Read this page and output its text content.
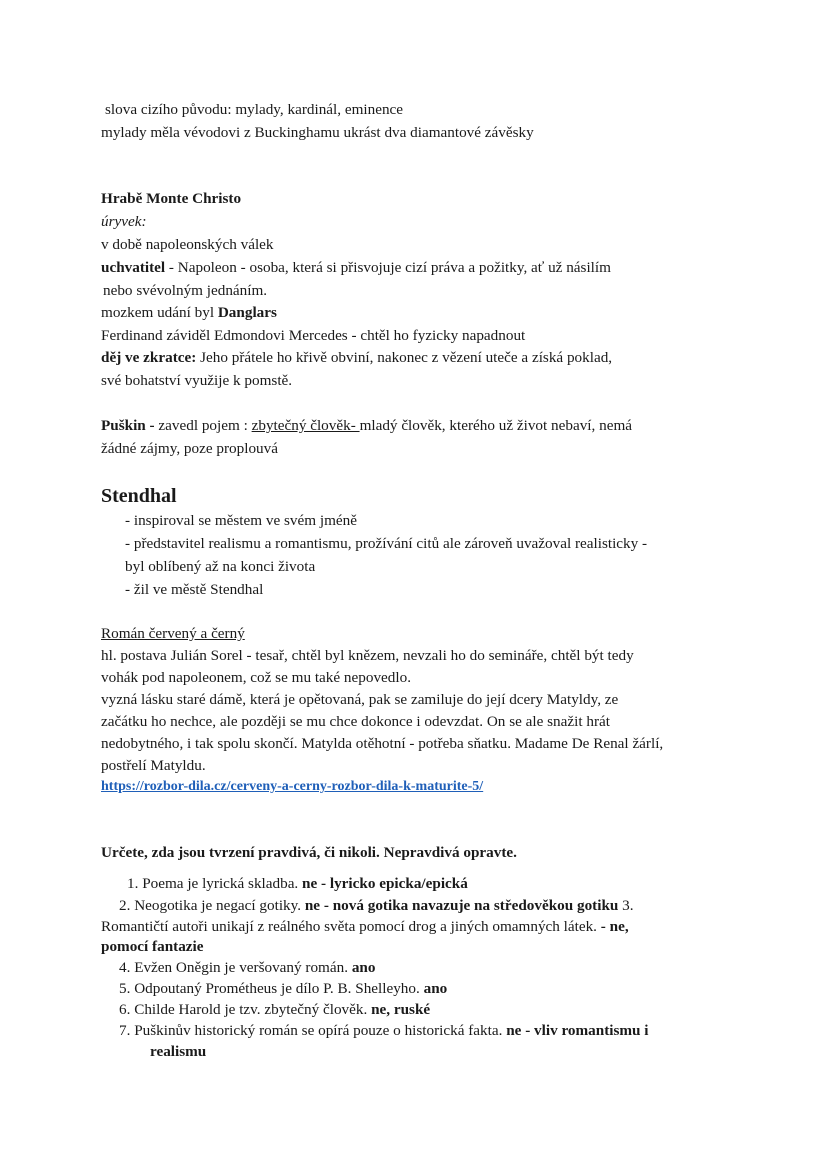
slova cizího původu: mylady, kardinál, eminence
mylady měla vévodovi z Buckinghamu ukrást dva diamantové závěsky
Hrabě Monte Christo
úryvek:
v době napoleonských válek
uchvatitel - Napoleon - osoba, která si přisvojuje cizí práva a požitky, ať už násilím
nebo svévolným jednáním.
mozkem udání byl Danglars
Ferdinand záviděl Edmondovi Mercedes - chtěl ho fyzicky napadnout
děj ve zkratce: Jeho přátele ho křivě obviní, nakonec z vězení uteče a získá poklad,
své bohatství využije k pomstě.
Puškin - zavedl pojem : zbytečný člověk- mladý člověk, kterého už život nebaví, nemá
žádné zájmy, poze proplouvá
Stendhal
- inspiroval se městem ve svém jméně
- představitel realismu a romantismu, prožívání citů ale zároveň uvažoval realisticky -
byl oblíbený až na konci života
- žil ve městě Stendhal
Román červený a černý
hl. postava Julián Sorel - tesař, chtěl byl knězem, nevzali ho do semináře, chtěl být tedy
vohák pod napoleonem, což se mu také nepovedlo.
vyzná lásku staré dámě, která je opětovaná, pak se zamiluje do její dcery Matyldy, ze
začátku ho nechce, ale později se mu chce dokonce i odevzdat. On se ale snažit hrát
nedobytného, i tak spolu skončí. Matylda otěhotní - potřeba sňatku. Madame De Renal žárlí,
postřelí Matyldu.
https://rozbor-dila.cz/cerveny-a-cerny-rozbor-dila-k-maturite-5/
Určete, zda jsou tvrzení pravdivá, či nikoli. Nepravdivá opravte.
1. Poema je lyrická skladba. ne - lyricko epicka/epická
2. Neogotika je negací gotiky. ne - nová gotika navazuje na středověkou gotiku 3.
Romantičtí autoři unikají z reálného světa pomocí drog a jiných omamných látek. - ne,
pomocí fantazie
4. Evžen Oněgin je veršovaný román. ano
5. Odpoutaný Prométheus je dílo P. B. Shelleyho. ano
6. Childe Harold je tzv. zbytečný člověk. ne, ruské
7. Puškinův historický román se opírá pouze o historická fakta. ne - vliv romantismu i
realismu
